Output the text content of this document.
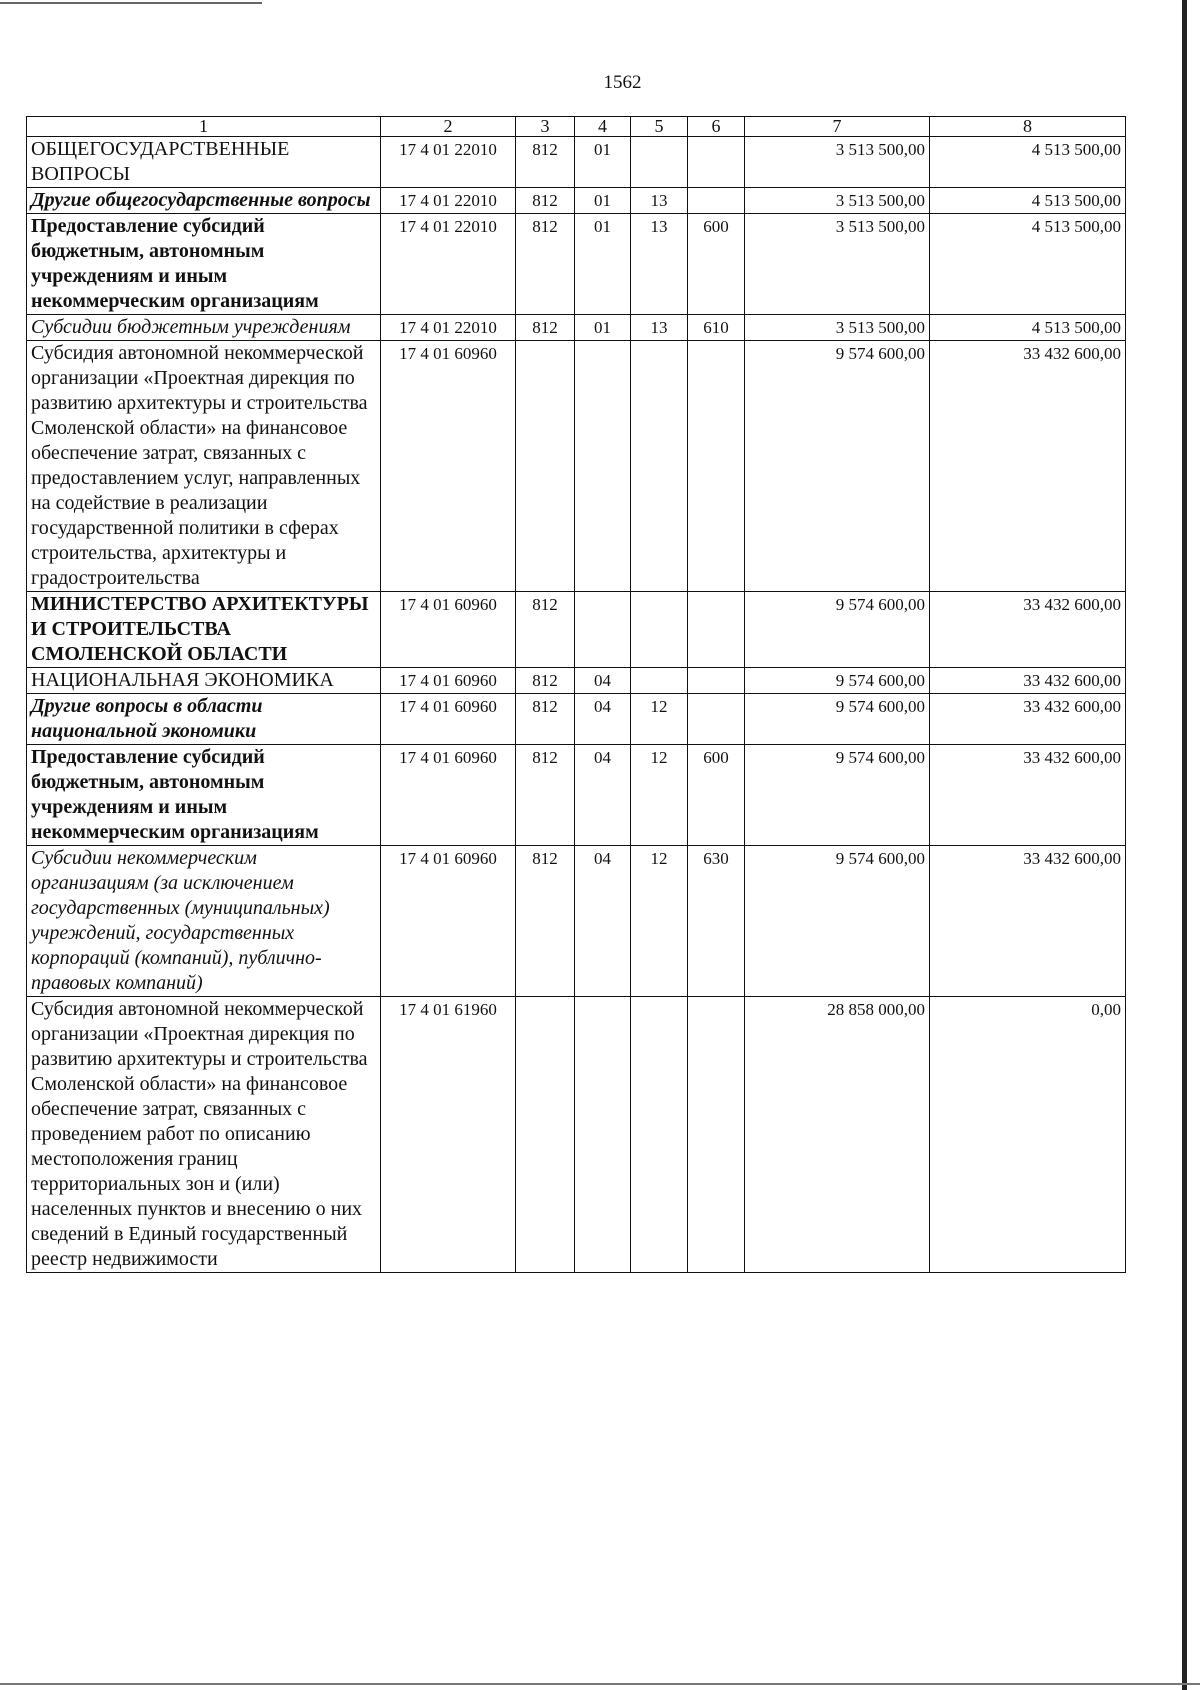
1562
1	2	3	4	5	6	7	8
ОБЩЕГОСУДАРСТВЕННЫЕ ВОПРОСЫ	17 4 01 22010	812	01			3 513 500,00	4 513 500,00
Другие общегосударственные вопросы	17 4 01 22010	812	01	13		3 513 500,00	4 513 500,00
Предоставление субсидий бюджетным, автономным учреждениям и иным некоммерческим организациям	17 4 01 22010	812	01	13	600	3 513 500,00	4 513 500,00
Субсидии бюджетным учреждениям	17 4 01 22010	812	01	13	610	3 513 500,00	4 513 500,00
Субсидия автономной некоммерческой организации «Проектная дирекция по развитию архитектуры и строительства Смоленской области» на финансовое обеспечение затрат, связанных с предоставлением услуг, направленных на содействие в реализации государственной политики в сферах строительства, архитектуры и градостроительства	17 4 01 60960					9 574 600,00	33 432 600,00
МИНИСТЕРСТВО АРХИТЕКТУРЫ И СТРОИТЕЛЬСТВА СМОЛЕНСКОЙ ОБЛАСТИ	17 4 01 60960	812				9 574 600,00	33 432 600,00
НАЦИОНАЛЬНАЯ ЭКОНОМИКА	17 4 01 60960	812	04			9 574 600,00	33 432 600,00
Другие вопросы в области национальной экономики	17 4 01 60960	812	04	12		9 574 600,00	33 432 600,00
Предоставление субсидий бюджетным, автономным учреждениям и иным некоммерческим организациям	17 4 01 60960	812	04	12	600	9 574 600,00	33 432 600,00
Субсидии некоммерческим организациям (за исключением государственных (муниципальных) учреждений, государственных корпораций (компаний), публично-правовых компаний)	17 4 01 60960	812	04	12	630	9 574 600,00	33 432 600,00
Субсидия автономной некоммерческой организации «Проектная дирекция по развитию архитектуры и строительства Смоленской области» на финансовое обеспечение затрат, связанных с проведением работ по описанию местоположения границ территориальных зон и (или) населенных пунктов и внесению о них сведений в Единый государственный реестр недвижимости	17 4 01 61960					28 858 000,00	0,00
